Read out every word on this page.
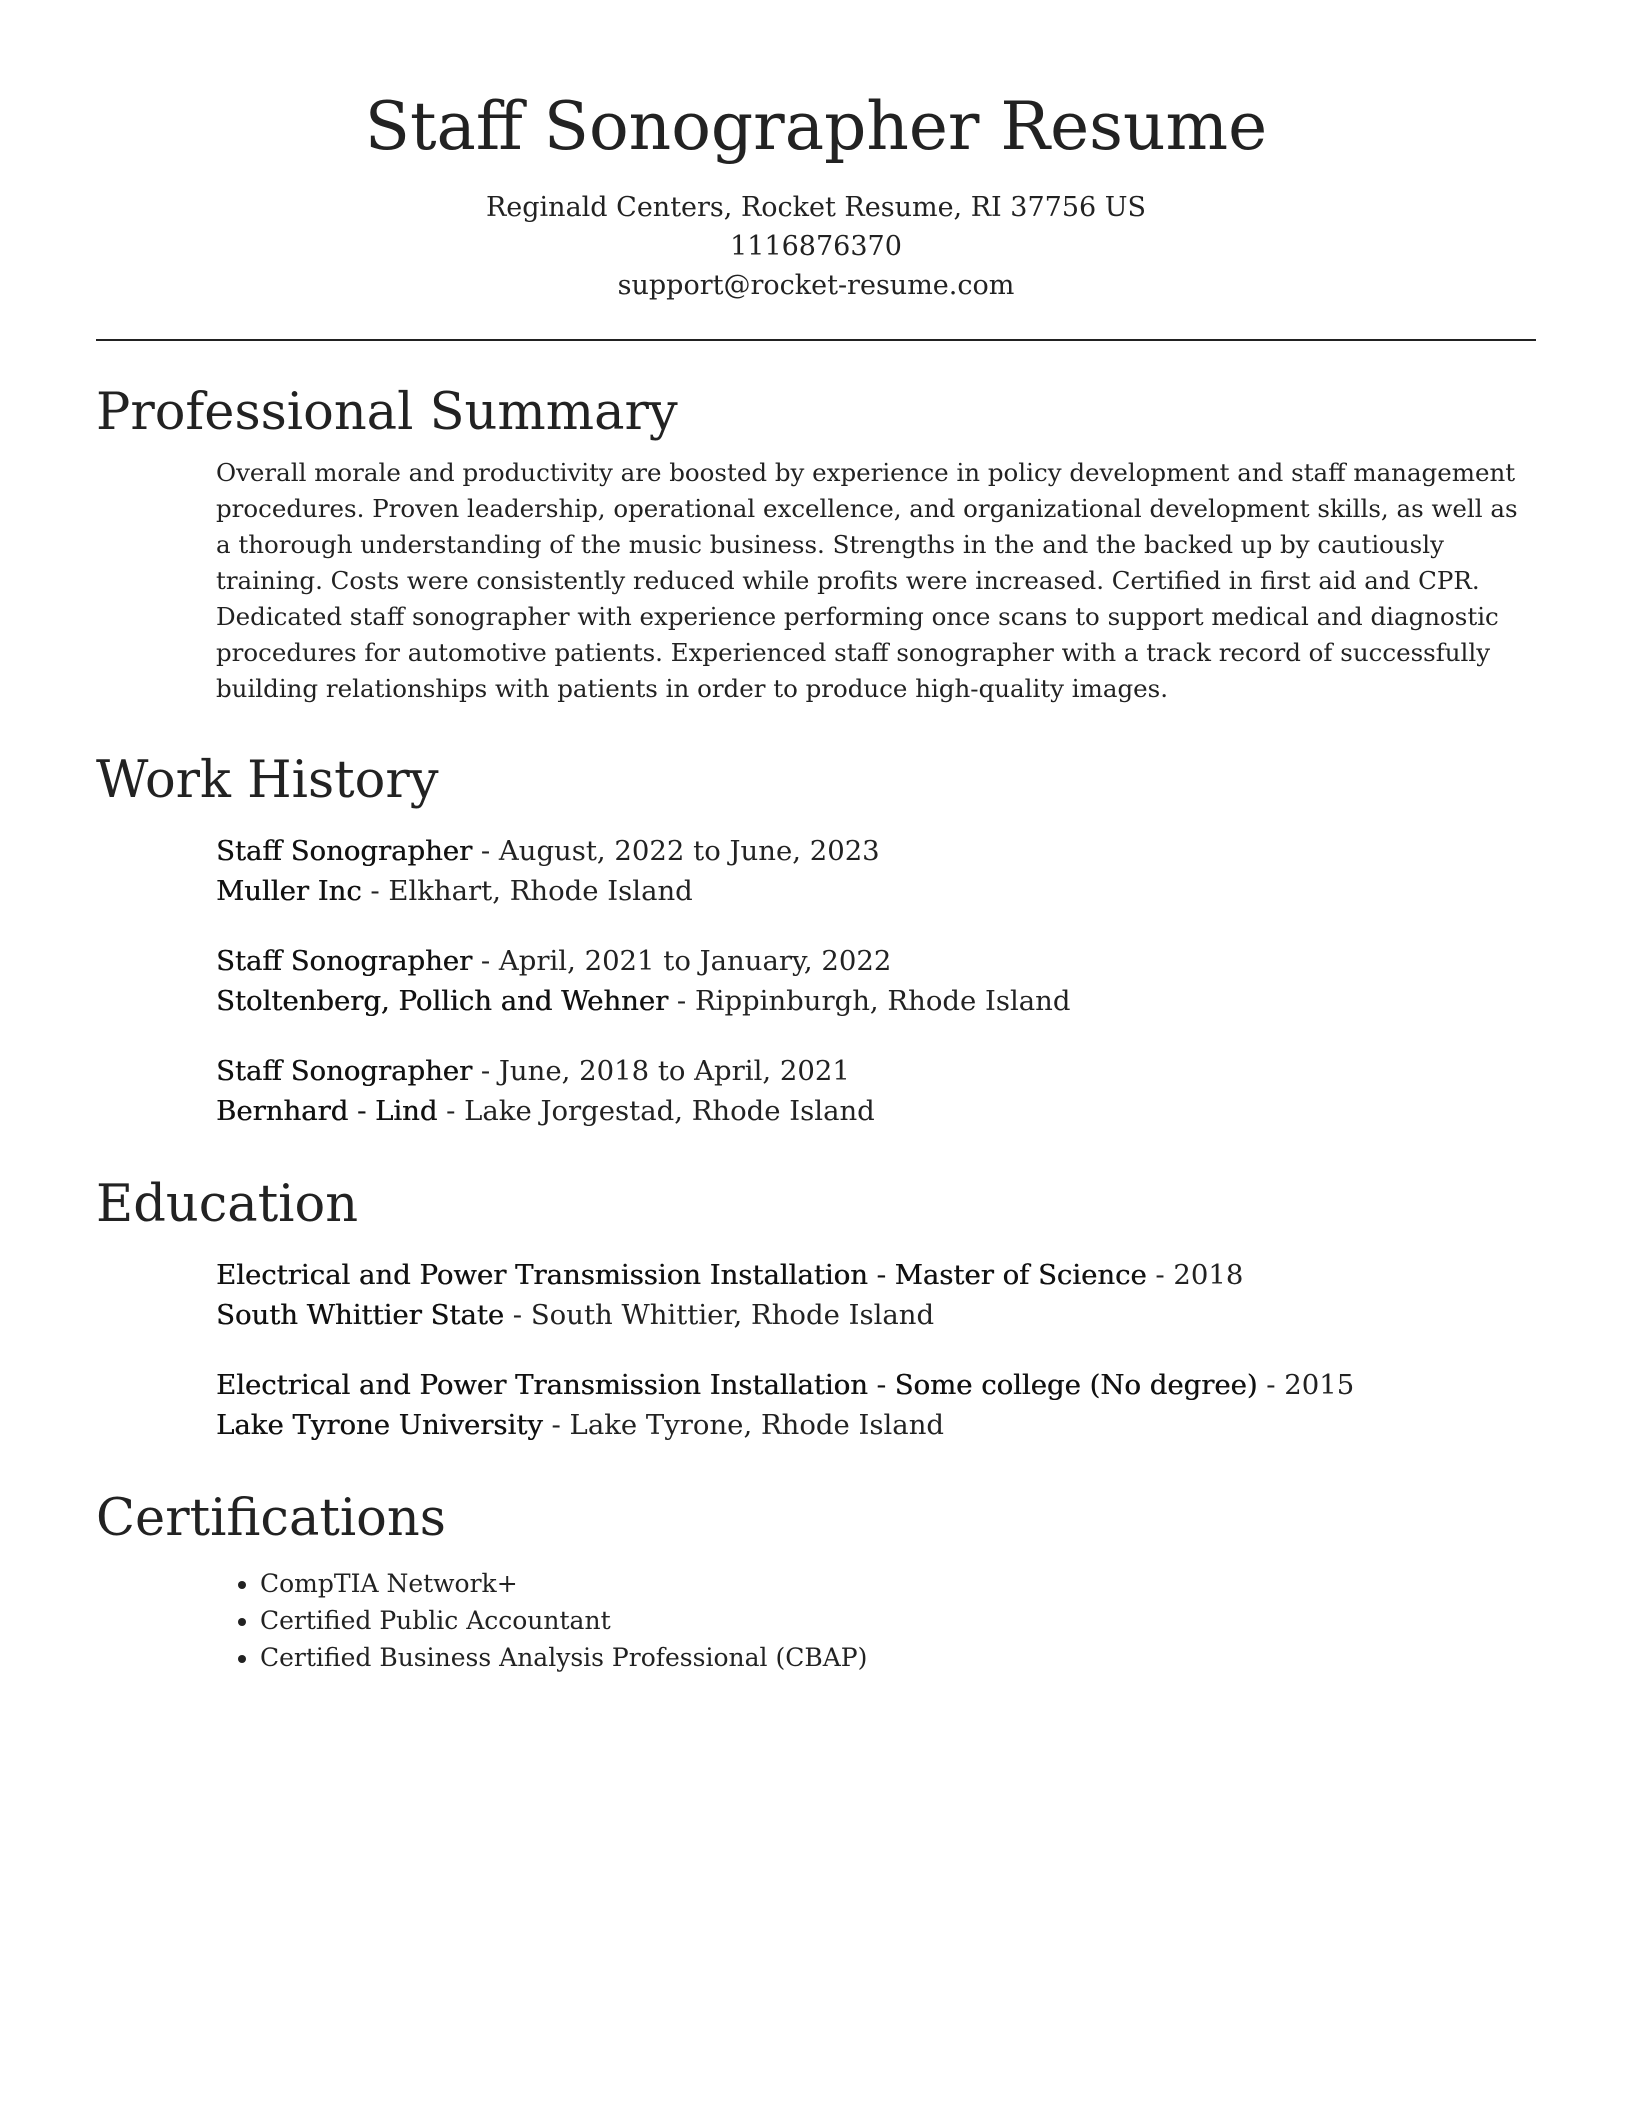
Staff Sonographer Resume
Reginald Centers, Rocket Resume, RI 37756 US
1116876370
support@rocket-resume.com
Professional Summary
Overall morale and productivity are boosted by experience in policy development and staff management procedures. Proven leadership, operational excellence, and organizational development skills, as well as a thorough understanding of the music business. Strengths in the and the backed up by cautiously training. Costs were consistently reduced while profits were increased. Certified in first aid and CPR. Dedicated staff sonographer with experience performing once scans to support medical and diagnostic procedures for automotive patients. Experienced staff sonographer with a track record of successfully building relationships with patients in order to produce high-quality images.
Work History
Staff Sonographer - August, 2022 to June, 2023
Muller Inc - Elkhart, Rhode Island
Staff Sonographer - April, 2021 to January, 2022
Stoltenberg, Pollich and Wehner - Rippinburgh, Rhode Island
Staff Sonographer - June, 2018 to April, 2021
Bernhard - Lind - Lake Jorgestad, Rhode Island
Education
Electrical and Power Transmission Installation - Master of Science - 2018
South Whittier State - South Whittier, Rhode Island
Electrical and Power Transmission Installation - Some college (No degree) - 2015
Lake Tyrone University - Lake Tyrone, Rhode Island
Certifications
• CompTIA Network+
• Certified Public Accountant
• Certified Business Analysis Professional (CBAP)
